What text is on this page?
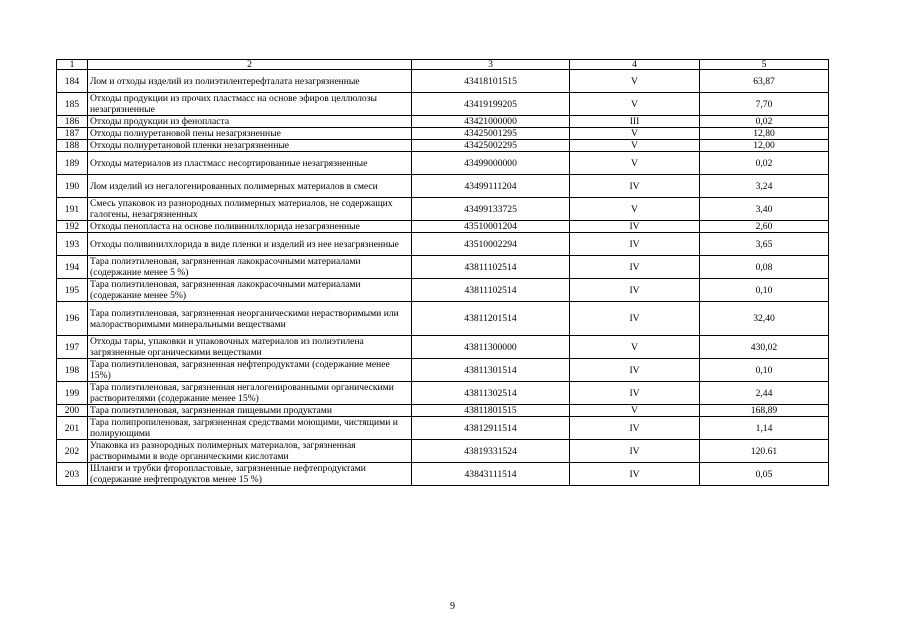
1	2	3	4	5
184	Лом и отходы изделий из полиэтилентерефталата незагрязненные	43418101515	V	63,87
185	Отходы продукции из прочих пластмасс на основе эфиров целлюлозы незагрязненные	43419199205	V	7,70
186	Отходы продукции из фенопласта	43421000000	III	0,02
187	Отходы полиуретановой пены незагрязненные	43425001295	V	12,80
188	Отходы полиуретановой пленки незагрязненные	43425002295	V	12,00
189	Отходы материалов из пластмасс несортированные незагрязненные	43499000000	V	0,02
190	Лом изделий из негалогенированных полимерных материалов в смеси	43499111204	IV	3,24
191	Смесь упаковок из разнородных полимерных материалов, не содержащих галогены, незагрязненных	43499133725	V	3,40
192	Отходы пенопласта на основе поливинилхлорида незагрязненные	43510001204	IV	2,60
193	Отходы поливинилхлорида в виде пленки и изделий из нее незагрязненные	43510002294	IV	3,65
194	Тара полиэтиленовая, загрязненная лакокрасочными материалами (содержание менее 5 %)	43811102514	IV	0,08
195	Тара полиэтиленовая, загрязненная лакокрасочными материалами (содержание менее 5%)	43811102514	IV	0,10
196	Тара полиэтиленовая, загрязненная неорганическими нерастворимыми или малорастворимыми минеральными веществами	43811201514	IV	32,40
197	Отходы тары, упаковки и упаковочных материалов из полиэтилена загрязненные органическими веществами	43811300000	V	430,02
198	Тара полиэтиленовая, загрязненная нефтепродуктами (содержание менее 15%)	43811301514	IV	0,10
199	Тара полиэтиленовая, загрязненная негалогенированными органическими растворителями (содержание менее 15%)	43811302514	IV	2,44
200	Тара полиэтиленовая, загрязненная пищевыми продуктами	43811801515	V	168,89
201	Тара полипропиленовая, загрязненная средствами моющими, чистящими и полирующими	43812911514	IV	1,14
202	Упаковка из разнородных полимерных материалов, загрязненная растворимыми в воде органическими кислотами	43819331524	IV	120.61
203	Шланги и трубки фторопластовые, загрязненные нефтепродуктами (содержание нефтепродуктов менее 15 %)	43843111514	IV	0,05
9
